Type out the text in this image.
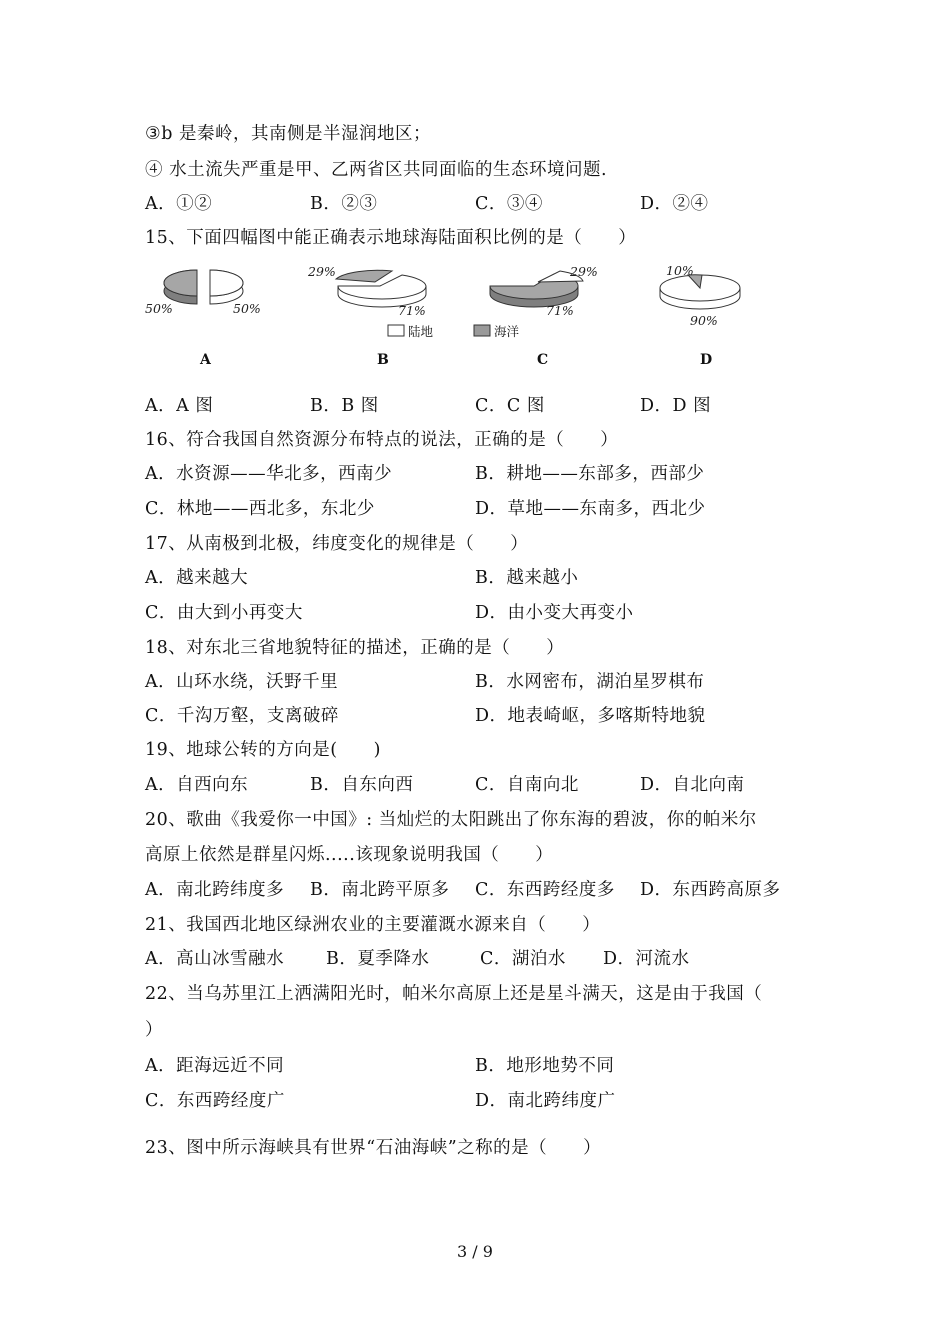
③b 是秦岭，其南侧是半湿润地区；
④ 水土流失严重是甲、乙两省区共同面临的生态环境问题.
A．①②	B．②③	C．③④	D．②④
15、下面四幅图中能正确表示地球海陆面积比例的是（　　）
50%	50%
A
29%
71%
B
29%
71%
C
10%
90%
D
陆地	海洋
A．A 图	B．B 图	C．C 图	D．D 图
16、符合我国自然资源分布特点的说法，正确的是（　　）
A．水资源——华北多，西南少	B．耕地——东部多，西部少
C．林地——西北多，东北少	D．草地——东南多，西北少
17、从南极到北极，纬度变化的规律是（　　）
A．越来越大	B．越来越小
C．由大到小再变大	D．由小变大再变小
18、对东北三省地貌特征的描述，正确的是（　　）
A．山环水绕，沃野千里	B．水网密布，湖泊星罗棋布
C．千沟万壑，支离破碎	D．地表崎岖，多喀斯特地貌
19、地球公转的方向是(　　)
A．自西向东	B．自东向西	C．自南向北	D．自北向南
20、歌曲《我爱你一中国》: 当灿烂的太阳跳出了你东海的碧波，你的帕米尔
高原上依然是群星闪烁.....该现象说明我国（　　）
A．南北跨纬度多 B．南北跨平原多 C．东西跨经度多 D．东西跨高原多
21、我国西北地区绿洲农业的主要灌溉水源来自（　　）
A．高山冰雪融水 B．夏季降水	C．湖泊水 D．河流水
22、当乌苏里江上洒满阳光时，帕米尔高原上还是星斗满天，这是由于我国（
）
A．距海远近不同	B．地形地势不同
C．东西跨经度广	D．南北跨纬度广
23、图中所示海峡具有世界“石油海峡”之称的是（　　）
3 / 9
